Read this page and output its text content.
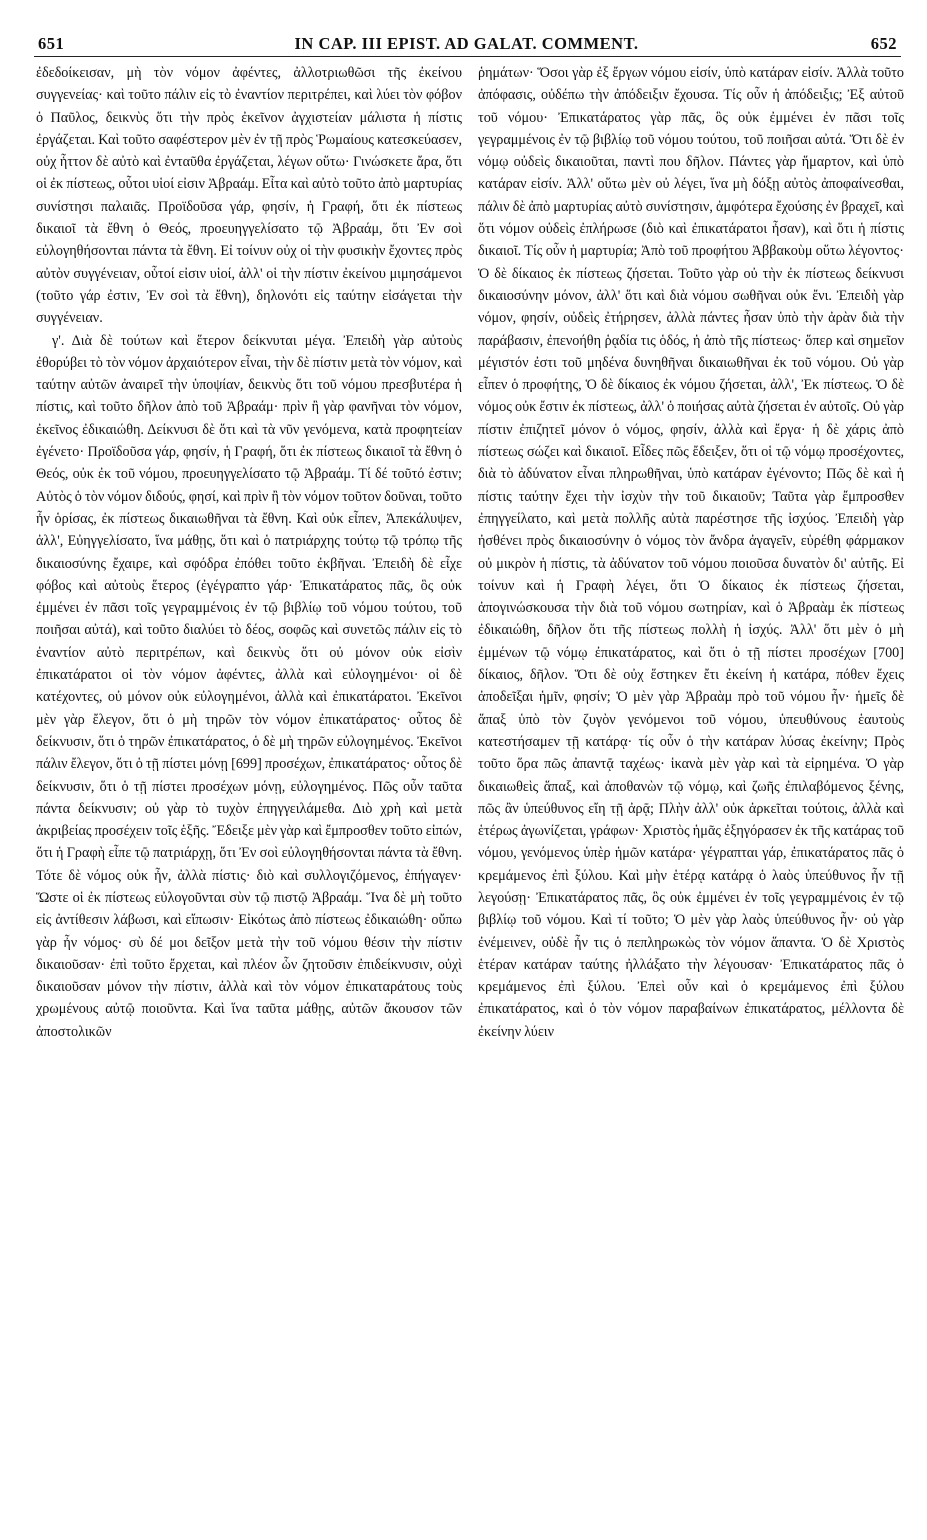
651	IN CAP. III EPIST. AD GALAT. COMMENT.	652

ἐδεδοίκεισαν, μὴ τὸν νόμον ἀφέντες, ἀλλοτριωθῶσι τῆς ἐκείνου συγγενείας· καὶ τοῦτο πάλιν εἰς τὸ ἐναντίον περιτρέπει, καὶ λύει τὸν φόβον ὁ Παῦλος, δεικνὺς ὅτι τὴν πρὸς ἐκεῖνον ἀγχιστείαν μάλιστα ἡ πίστις ἐργάζεται. Καὶ τοῦτο σαφέστερον μὲν ἐν τῇ πρὸς Ῥωμαίους κατεσκεύασεν, οὐχ ἧττον δὲ αὐτὸ καὶ ἐνταῦθα ἐργάζεται, λέγων οὕτω· Γινώσκετε ἄρα, ὅτι οἱ ἐκ πίστεως, οὗτοι υἱοί εἰσιν Ἀβραάμ. Εἶτα καὶ αὐτὸ τοῦτο ἀπὸ μαρτυρίας συνίστησι παλαιᾶς. Προϊδοῦσα γάρ, φησίν, ἡ Γραφή, ὅτι ἐκ πίστεως δικαιοῖ τὰ ἔθνη ὁ Θεός, προευηγγελίσατο τῷ Ἀβραάμ, ὅτι Ἐν σοὶ εὐλογηθήσονται πάντα τὰ ἔθνη. Εἰ τοίνυν οὐχ οἱ τὴν φυσικὴν ἔχοντες πρὸς αὐτὸν συγγένειαν, οὗτοί εἰσιν υἱοί, ἀλλ' οἱ τὴν πίστιν ἐκείνου μιμησάμενοι (τοῦτο γάρ ἐστιν, Ἐν σοὶ τὰ ἔθνη), δηλονότι εἰς ταύτην εἰσάγεται τὴν συγγένειαν.

γ'. Διὰ δὲ τούτων καὶ ἕτερον δείκνυται μέγα. Ἐπειδὴ γὰρ αὐτοὺς ἐθορύβει τὸ τὸν νόμον ἀρχαιότερον εἶναι, τὴν δὲ πίστιν μετὰ τὸν νόμον, καὶ ταύτην αὐτῶν ἀναιρεῖ τὴν ὑποψίαν, δεικνὺς ὅτι τοῦ νόμου πρεσβυτέρα ἡ πίστις, καὶ τοῦτο δῆλον ἀπὸ τοῦ Ἀβραάμ· πρὶν ἢ γὰρ φανῆναι τὸν νόμον, ἐκεῖνος ἐδικαιώθη. Δείκνυσι δὲ ὅτι καὶ τὰ νῦν γενόμενα, κατὰ προφητείαν ἐγένετο· Προϊδοῦσα γάρ, φησίν, ἡ Γραφή, ὅτι ἐκ πίστεως δικαιοῖ τὰ ἔθνη ὁ Θεός, οὐκ ἐκ τοῦ νόμου, προευηγγελίσατο τῷ Ἀβραάμ. Τί δέ τοῦτό ἐστιν; Αὐτὸς ὁ τὸν νόμον διδούς, φησί, καὶ πρὶν ἢ τὸν νόμον τοῦτον δοῦναι, τοῦτο ἦν ὁρίσας, ἐκ πίστεως δικαιωθῆναι τὰ ἔθνη. Καὶ οὐκ εἶπεν, Ἀπεκάλυψεν, ἀλλ', Εὐηγγελίσατο, ἵνα μάθῃς, ὅτι καὶ ὁ πατριάρχης τούτῳ τῷ τρόπῳ τῆς δικαιοσύνης ἔχαιρε, καὶ σφόδρα ἐπόθει τοῦτο ἐκβῆναι. Ἐπειδὴ δὲ εἶχε φόβος καὶ αὐτοὺς ἕτερος (ἐγέγραπτο γάρ· Ἐπικατάρατος πᾶς, ὃς οὐκ ἐμμένει ἐν πᾶσι τοῖς γεγραμμένοις ἐν τῷ βιβλίῳ τοῦ νόμου τούτου, τοῦ ποιῆσαι αὐτά), καὶ τοῦτο διαλύει τὸ δέος, σοφῶς καὶ συνετῶς πάλιν εἰς τὸ ἐναντίον αὐτὸ περιτρέπων, καὶ δεικνὺς ὅτι οὐ μόνον οὐκ εἰσὶν ἐπικατάρατοι οἱ τὸν νόμον ἀφέντες, ἀλλὰ καὶ εὐλογημένοι· οἱ δὲ κατέχοντες, οὐ μόνον οὐκ εὐλογημένοι, ἀλλὰ καὶ ἐπικατάρατοι. Ἐκεῖνοι μὲν γὰρ ἔλεγον, ὅτι ὁ μὴ τηρῶν τὸν νόμον ἐπικατάρατος· οὗτος δὲ δείκνυσιν, ὅτι ὁ τηρῶν ἐπικατάρατος, ὁ δὲ μὴ τηρῶν εὐλογημένος. Ἐκεῖνοι πάλιν ἔλεγον, ὅτι ὁ τῇ πίστει μόνῃ [699] προσέχων, ἐπικατάρατος· οὗτος δὲ δείκνυσιν, ὅτι ὁ τῇ πίστει προσέχων μόνῃ, εὐλογημένος. Πῶς οὖν ταῦτα πάντα δείκνυσιν; οὐ γὰρ τὸ τυχὸν ἐπηγγειλάμεθα. Διὸ χρὴ καὶ μετὰ ἀκριβείας προσέχειν τοῖς ἑξῆς. Ἔδειξε μὲν γὰρ καὶ ἔμπροσθεν τοῦτο εἰπών, ὅτι ἡ Γραφὴ εἶπε τῷ πατριάρχῃ, ὅτι Ἐν σοὶ εὐλογηθήσονται πάντα τὰ ἔθνη. Τότε δὲ νόμος οὐκ ἦν, ἀλλὰ πίστις· διὸ καὶ συλλογιζόμενος, ἐπήγαγεν· Ὥστε οἱ ἐκ πίστεως εὐλογοῦνται σὺν τῷ πιστῷ Ἀβραάμ. Ἵνα δὲ μὴ τοῦτο εἰς ἀντίθεσιν λάβωσι, καὶ εἴπωσιν· Εἰκότως ἀπὸ πίστεως ἐδικαιώθη· οὔπω γὰρ ἦν νόμος· σὺ δέ μοι δεῖξον μετὰ τὴν τοῦ νόμου θέσιν τὴν πίστιν δικαιοῦσαν· ἐπὶ τοῦτο ἔρχεται, καὶ πλέον ὧν ζητοῦσιν ἐπιδείκνυσιν, οὐχὶ δικαιοῦσαν μόνον τὴν πίστιν, ἀλλὰ καὶ τὸν νόμον ἐπικαταράτους τοὺς χρωμένους αὐτῷ ποιοῦντα. Καὶ ἵνα ταῦτα μάθῃς, αὐτῶν ἄκουσον τῶν ἀποστολικῶν

ῥημάτων· Ὅσοι γὰρ ἐξ ἔργων νόμου εἰσίν, ὑπὸ κατάραν εἰσίν. Ἀλλὰ τοῦτο ἀπόφασις, οὐδέπω τὴν ἀπόδειξιν ἔχουσα. Τίς οὖν ἡ ἀπόδειξις; Ἐξ αὐτοῦ τοῦ νόμου· Ἐπικατάρατος γὰρ πᾶς, ὃς οὐκ ἐμμένει ἐν πᾶσι τοῖς γεγραμμένοις ἐν τῷ βιβλίῳ τοῦ νόμου τούτου, τοῦ ποιῆσαι αὐτά. Ὅτι δὲ ἐν νόμῳ οὐδεὶς δικαιοῦται, παντὶ που δῆλον. Πάντες γὰρ ἥμαρτον, καὶ ὑπὸ κατάραν εἰσίν. Ἀλλ' οὕτω μὲν οὐ λέγει, ἵνα μὴ δόξῃ αὐτὸς ἀποφαίνεσθαι, πάλιν δὲ ἀπὸ μαρτυρίας αὐτὸ συνίστησιν, ἀμφότερα ἔχούσης ἐν βραχεῖ, καὶ ὅτι νόμον οὐδεὶς ἐπλήρωσε (διὸ καὶ ἐπικατάρατοι ἦσαν), καὶ ὅτι ἡ πίστις δικαιοῖ. Τίς οὖν ἡ μαρτυρία; Ἀπὸ τοῦ προφήτου Ἀββακοὺμ οὕτω λέγοντος· Ὁ δὲ δίκαιος ἐκ πίστεως ζήσεται. Τοῦτο γὰρ οὐ τὴν ἐκ πίστεως δείκνυσι δικαιοσύνην μόνον, ἀλλ' ὅτι καὶ διὰ νόμου σωθῆναι οὐκ ἔνι. Ἐπειδὴ γὰρ νόμον, φησίν, οὐδεὶς ἐτήρησεν, ἀλλὰ πάντες ἦσαν ὑπὸ τὴν ἀρὰν διὰ τὴν παράβασιν, ἐπενοήθη ῥᾳδία τις ὁδός, ἡ ἀπὸ τῆς πίστεως· ὅπερ καὶ σημεῖον μέγιστόν ἐστι τοῦ μηδένα δυνηθῆναι δικαιωθῆναι ἐκ τοῦ νόμου. Οὐ γὰρ εἶπεν ὁ προφήτης, Ὁ δὲ δίκαιος ἐκ νόμου ζήσεται, ἀλλ', Ἐκ πίστεως. Ὁ δὲ νόμος οὐκ ἔστιν ἐκ πίστεως, ἀλλ' ὁ ποιήσας αὐτὰ ζήσεται ἐν αὐτοῖς. Οὐ γὰρ πίστιν ἐπιζητεῖ μόνον ὁ νόμος, φησίν, ἀλλὰ καὶ ἔργα· ἡ δὲ χάρις ἀπὸ πίστεως σώζει καὶ δικαιοῖ. Εἶδες πῶς ἔδειξεν, ὅτι οἱ τῷ νόμῳ προσέχοντες, διὰ τὸ ἀδύνατον εἶναι πληρωθῆναι, ὑπὸ κατάραν ἐγένοντο; Πῶς δὲ καὶ ἡ πίστις ταύτην ἔχει τὴν ἰσχὺν τὴν τοῦ δικαιοῦν; Ταῦτα γὰρ ἔμπροσθεν ἐπηγγείλατο, καὶ μετὰ πολλῆς αὐτὰ παρέστησε τῆς ἰσχύος. Ἐπειδὴ γὰρ ἠσθένει πρὸς δικαιοσύνην ὁ νόμος τὸν ἄνδρα ἀγαγεῖν, εὑρέθη φάρμακον οὐ μικρὸν ἡ πίστις, τὰ ἀδύνατον τοῦ νόμου ποιοῦσα δυνατὸν δι' αὐτῆς. Εἰ τοίνυν καὶ ἡ Γραφὴ λέγει, ὅτι Ὁ δίκαιος ἐκ πίστεως ζήσεται, ἀπογινώσκουσα τὴν διὰ τοῦ νόμου σωτηρίαν, καὶ ὁ Ἀβραὰμ ἐκ πίστεως ἐδικαιώθη, δῆλον ὅτι τῆς πίστεως πολλὴ ἡ ἰσχύς. Ἀλλ' ὅτι μὲν ὁ μὴ ἐμμένων τῷ νόμῳ ἐπικατάρατος, καὶ ὅτι ὁ τῇ πίστει προσέχων [700] δίκαιος, δῆλον. Ὅτι δὲ οὐχ ἕστηκεν ἔτι ἐκείνη ἡ κατάρα, πόθεν ἔχεις ἀποδεῖξαι ἡμῖν, φησίν; Ὁ μὲν γὰρ Ἀβραὰμ πρὸ τοῦ νόμου ἦν· ἡμεῖς δὲ ἅπαξ ὑπὸ τὸν ζυγὸν γενόμενοι τοῦ νόμου, ὑπευθύνους ἑαυτοὺς κατεστήσαμεν τῇ κατάρᾳ· τίς οὖν ὁ τὴν κατάραν λύσας ἐκείνην; Πρὸς τοῦτο ὅρα πῶς ἀπαντᾷ ταχέως· ἱκανὰ μὲν γὰρ καὶ τὰ εἰρημένα. Ὁ γὰρ δικαιωθεὶς ἅπαξ, καὶ ἀποθανὼν τῷ νόμῳ, καὶ ζωῆς ἐπιλαβόμενος ξένης, πῶς ἂν ὑπεύθυνος εἴη τῇ ἀρᾷ; Πλὴν ἀλλ' οὐκ ἀρκεῖται τούτοις, ἀλλὰ καὶ ἑτέρως ἀγωνίζεται, γράφων· Χριστὸς ἡμᾶς ἐξηγόρασεν ἐκ τῆς κατάρας τοῦ νόμου, γενόμενος ὑπὲρ ἡμῶν κατάρα· γέγραπται γάρ, ἐπικατάρατος πᾶς ὁ κρεμάμενος ἐπὶ ξύλου. Καὶ μὴν ἑτέρᾳ κατάρᾳ ὁ λαὸς ὑπεύθυνος ἦν τῇ λεγούσῃ· Ἐπικατάρατος πᾶς, ὃς οὐκ ἐμμένει ἐν τοῖς γεγραμμένοις ἐν τῷ βιβλίῳ τοῦ νόμου. Καὶ τί τοῦτο; Ὁ μὲν γὰρ λαὸς ὑπεύθυνος ἦν· οὐ γὰρ ἐνέμεινεν, οὐδὲ ἦν τις ὁ πεπληρωκὼς τὸν νόμον ἅπαντα. Ὁ δὲ Χριστὸς ἑτέραν κατάραν ταύτης ἠλλάξατο τὴν λέγουσαν· Ἐπικατάρατος πᾶς ὁ κρεμάμενος ἐπὶ ξύλου. Ἐπεὶ οὖν καὶ ὁ κρεμάμενος ἐπὶ ξύλου ἐπικατάρατος, καὶ ὁ τὸν νόμον παραβαίνων ἐπικατάρατος, μέλλοντα δὲ ἐκείνην λύειν
